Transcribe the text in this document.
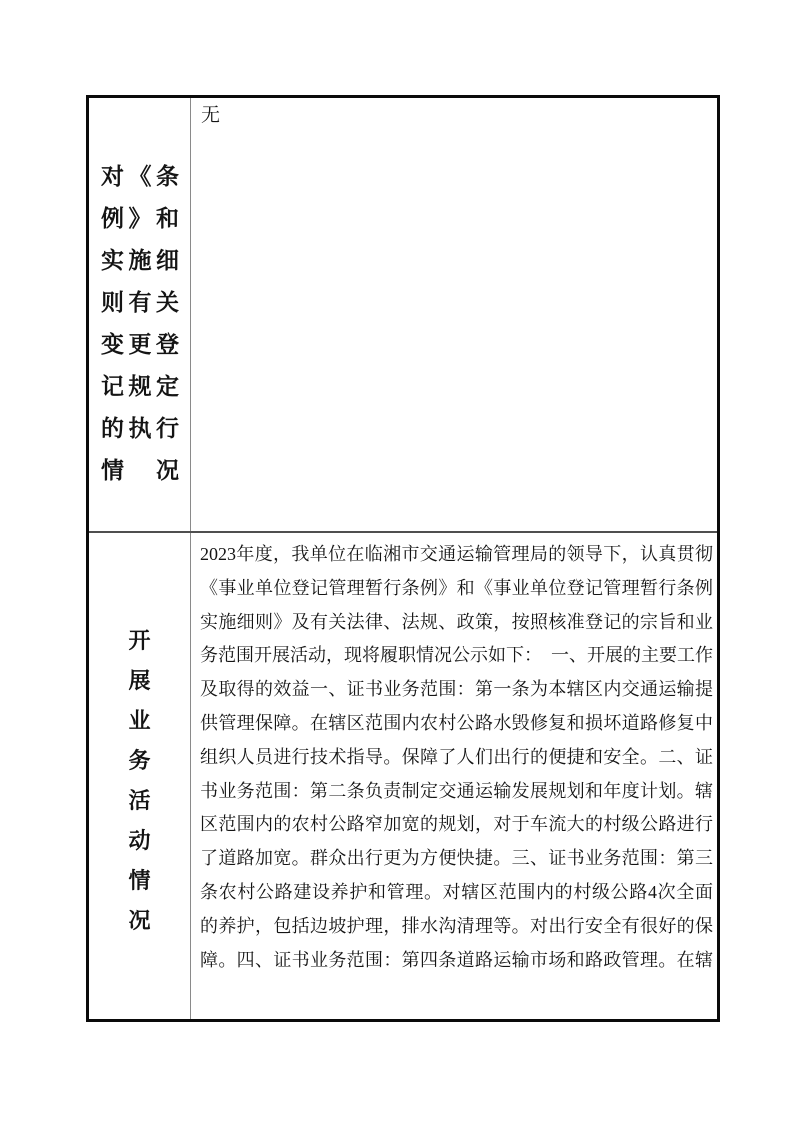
对《条
例》和
实施细
则有关
变更登
记规定
的执行
情　况
无
开
展
业
务
活
动
情
况
2023年度，我单位在临湘市交通运输管理局的领导下，认真贯彻
《事业单位登记管理暂行条例》和《事业单位登记管理暂行条例
实施细则》及有关法律、法规、政策，按照核准登记的宗旨和业
务范围开展活动，现将履职情况公示如下：　一、开展的主要工作
及取得的效益一、证书业务范围：第一条为本辖区内交通运输提
供管理保障。在辖区范围内农村公路水毁修复和损坏道路修复中
组织人员进行技术指导。保障了人们出行的便捷和安全。二、证
书业务范围：第二条负责制定交通运输发展规划和年度计划。辖
区范围内的农村公路窄加宽的规划，对于车流大的村级公路进行
了道路加宽。群众出行更为方便快捷。三、证书业务范围：第三
条农村公路建设养护和管理。对辖区范围内的村级公路4次全面
的养护，包括边坡护理，排水沟清理等。对出行安全有很好的保
障。四、证书业务范围：第四条道路运输市场和路政管理。在辖
